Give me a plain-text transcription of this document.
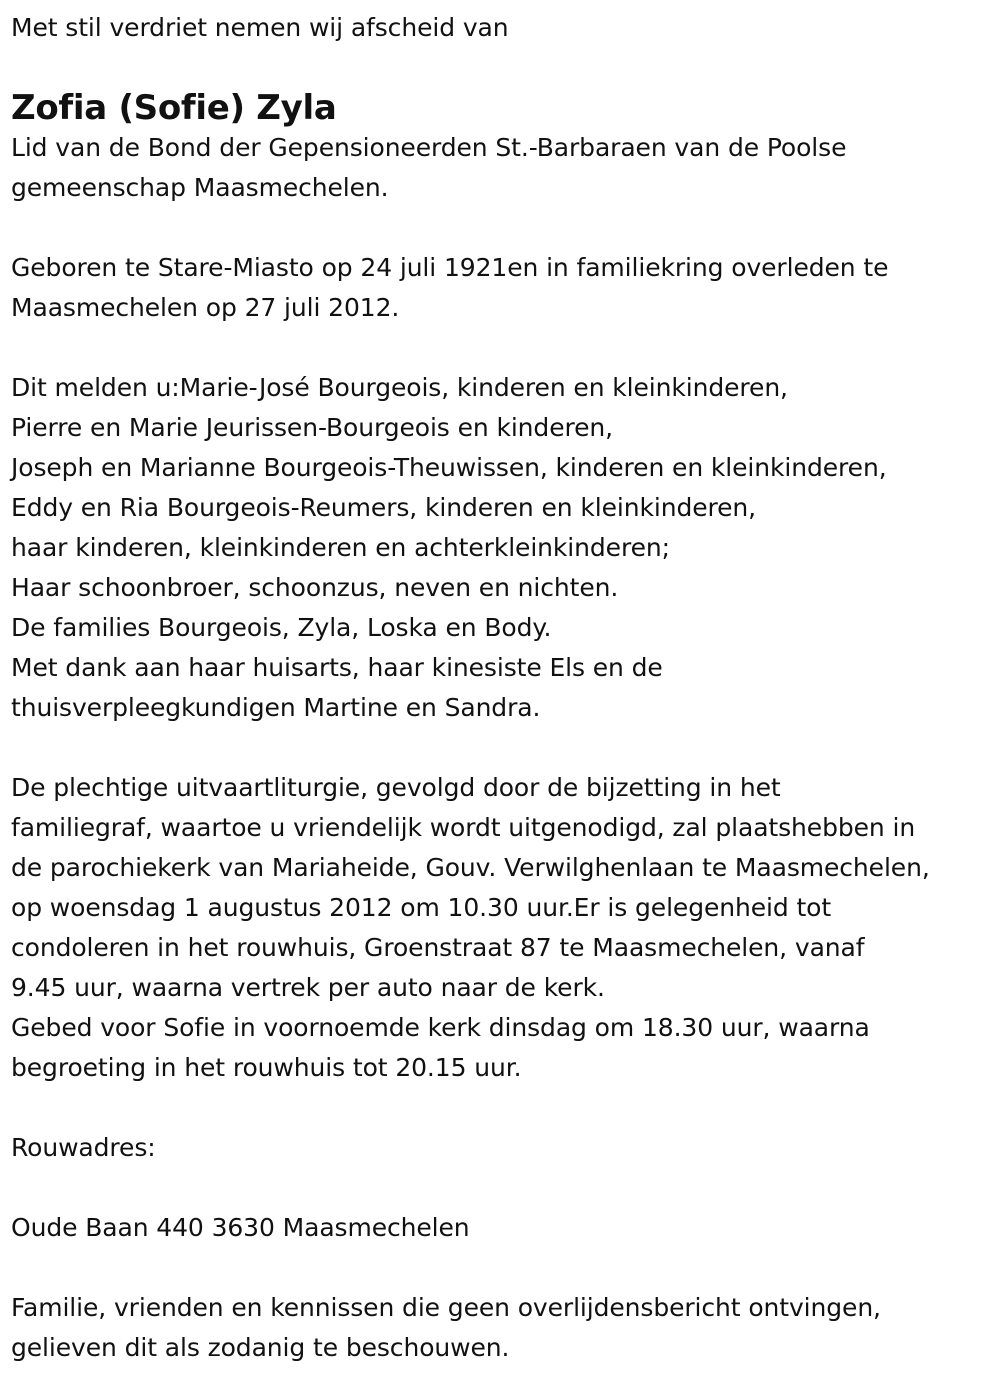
Met stil verdriet nemen wij afscheid van
Zofia (Sofie) Zyla
Lid van de Bond der Gepensioneerden St.-Barbaraen van de Poolse
gemeenschap Maasmechelen.
Geboren te Stare-Miasto op 24 juli 1921en in familiekring overleden te
Maasmechelen op 27 juli 2012.
Dit melden u:Marie-José Bourgeois, kinderen en kleinkinderen,
Pierre en Marie Jeurissen-Bourgeois en kinderen,
Joseph en Marianne Bourgeois-Theuwissen, kinderen en kleinkinderen,
Eddy en Ria Bourgeois-Reumers, kinderen en kleinkinderen,
haar kinderen, kleinkinderen en achterkleinkinderen;
Haar schoonbroer, schoonzus, neven en nichten.
De families Bourgeois, Zyla, Loska en Body.
Met dank aan haar huisarts, haar kinesiste Els en de
thuisverpleegkundigen Martine en Sandra.
De plechtige uitvaartliturgie, gevolgd door de bijzetting in het
familiegraf, waartoe u vriendelijk wordt uitgenodigd, zal plaatshebben in
de parochiekerk van Mariaheide, Gouv. Verwilghenlaan te Maasmechelen,
op woensdag 1 augustus 2012 om 10.30 uur.Er is gelegenheid tot
condoleren in het rouwhuis, Groenstraat 87 te Maasmechelen, vanaf
9.45 uur, waarna vertrek per auto naar de kerk.
Gebed voor Sofie in voornoemde kerk dinsdag om 18.30 uur, waarna
begroeting in het rouwhuis tot 20.15 uur.
Rouwadres:
Oude Baan 440 3630 Maasmechelen
Familie, vrienden en kennissen die geen overlijdensbericht ontvingen,
gelieven dit als zodanig te beschouwen.
